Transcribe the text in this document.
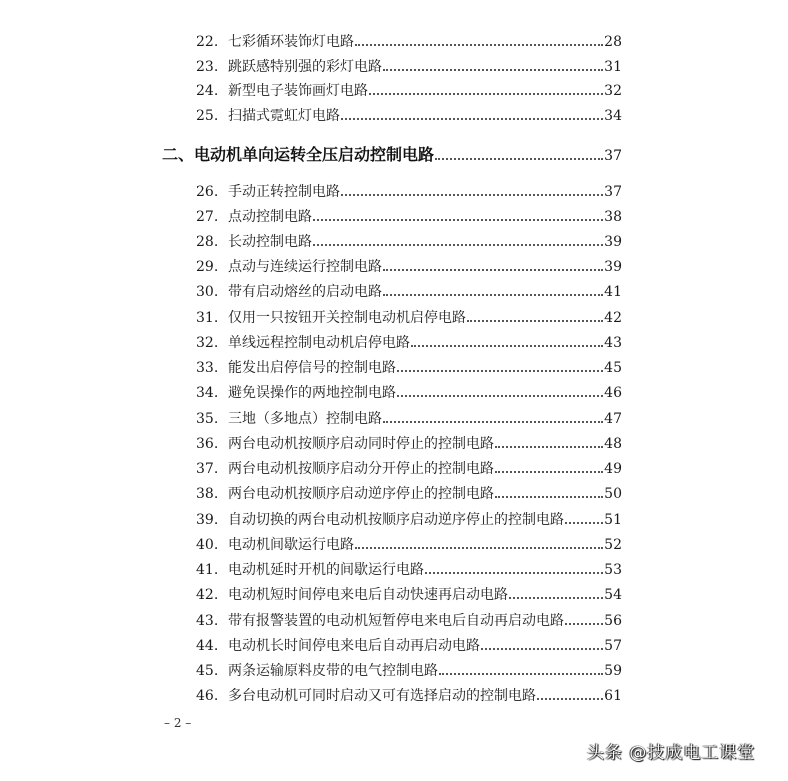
22. 七彩循环装饰灯电路	28
23. 跳跃感特别强的彩灯电路	31
24. 新型电子装饰画灯电路	32
25. 扫描式霓虹灯电路	34
二、电动机单向运转全压启动控制电路	37
26. 手动正转控制电路	37
27. 点动控制电路	38
28. 长动控制电路	39
29. 点动与连续运行控制电路	39
30. 带有启动熔丝的启动电路	41
31. 仅用一只按钮开关控制电动机启停电路	42
32. 单线远程控制电动机启停电路	43
33. 能发出启停信号的控制电路	45
34. 避免误操作的两地控制电路	46
35. 三地（多地点）控制电路	47
36. 两台电动机按顺序启动同时停止的控制电路	48
37. 两台电动机按顺序启动分开停止的控制电路	49
38. 两台电动机按顺序启动逆序停止的控制电路	50
39. 自动切换的两台电动机按顺序启动逆序停止的控制电路	51
40. 电动机间歇运行电路	52
41. 电动机延时开机的间歇运行电路	53
42. 电动机短时间停电来电后自动快速再启动电路	54
43. 带有报警装置的电动机短暂停电来电后自动再启动电路	56
44. 电动机长时间停电来电后自动再启动电路	57
45. 两条运输原料皮带的电气控制电路	59
46. 多台电动机可同时启动又可有选择启动的控制电路	61
– 2 –
头条 @技成电工课堂
